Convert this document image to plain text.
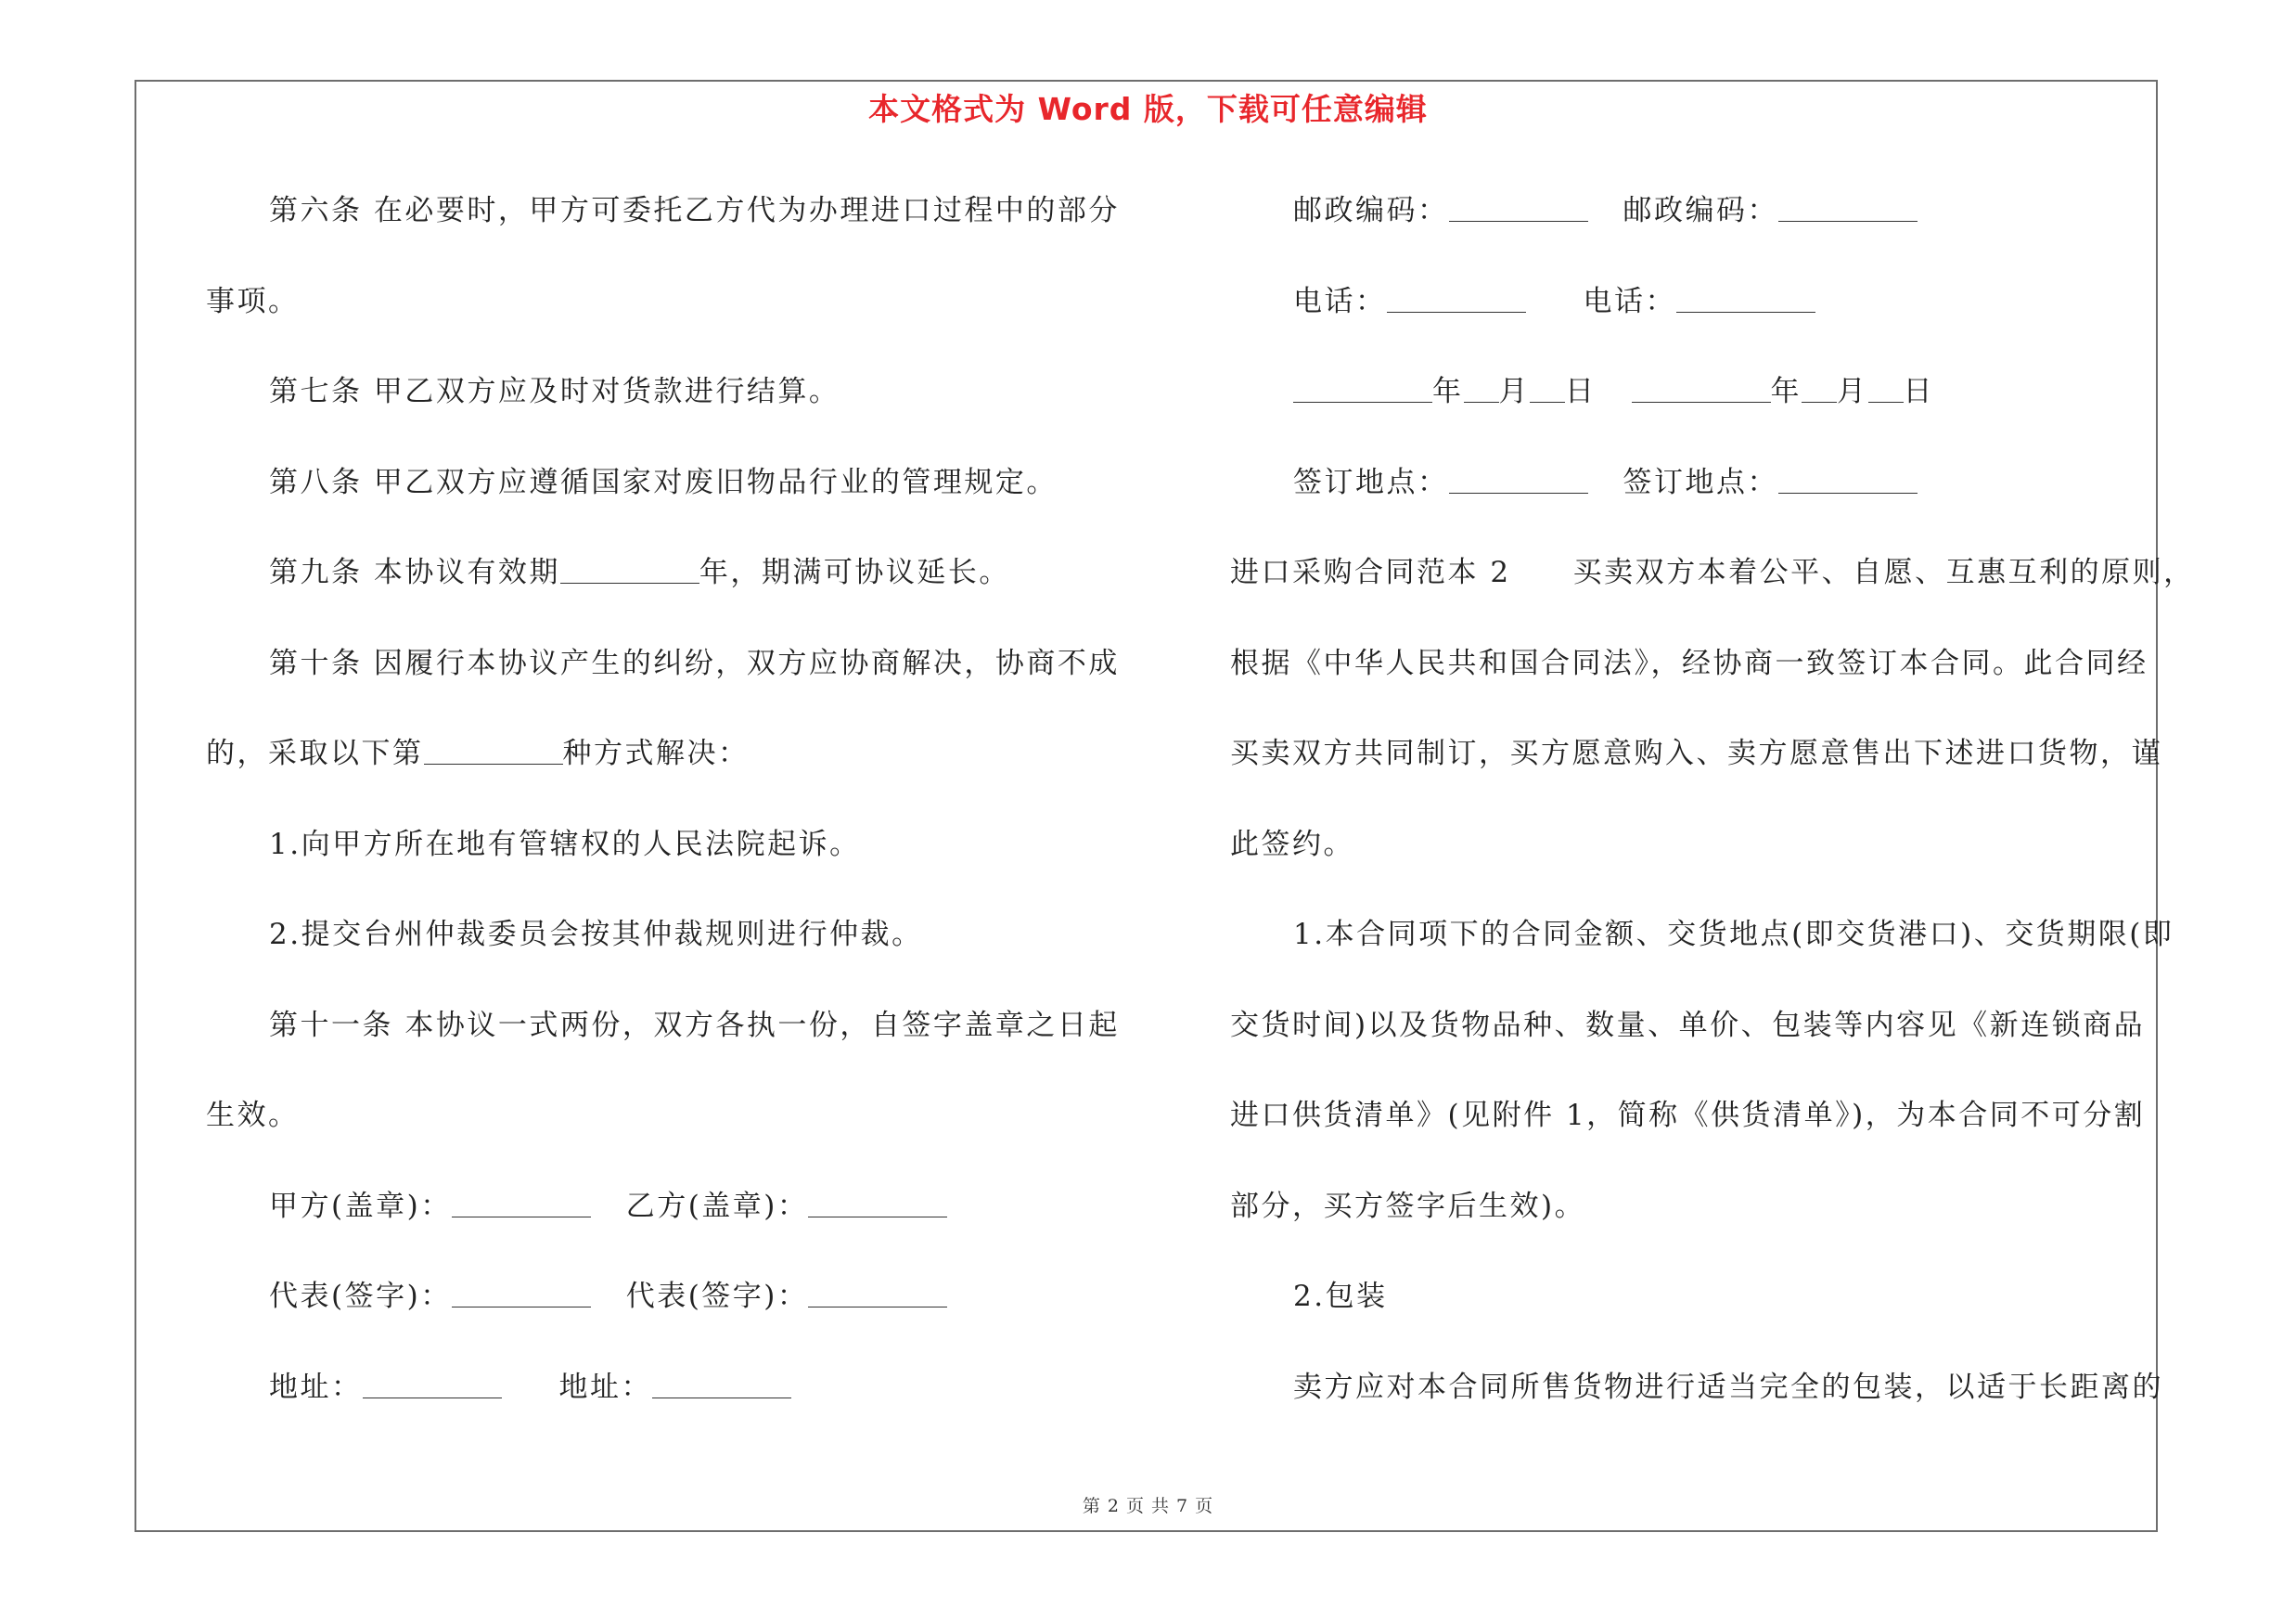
本文格式为 Word 版，下载可任意编辑
第六条 在必要时，甲方可委托乙方代为办理进口过程中的部分
事项。
第七条 甲乙双方应及时对货款进行结算。
第八条 甲乙双方应遵循国家对废旧物品行业的管理规定。
第九条 本协议有效期	年，期满可协议延长。
第十条 因履行本协议产生的纠纷，双方应协商解决，协商不成
的，采取以下第	种方式解决：
1.向甲方所在地有管辖权的人民法院起诉。
2.提交台州仲裁委员会按其仲裁规则进行仲裁。
第十一条 本协议一式两份，双方各执一份，自签字盖章之日起
生效。
甲方(盖章)：	乙方(盖章)：
代表(签字)：	代表(签字)：
地址：	地址：
邮政编码：	邮政编码：
电话：	电话：
年 月 日	年 月 日
签订地点：	签订地点：
进口采购合同范本 2　　买卖双方本着公平、自愿、互惠互利的原则，
根据《中华人民共和国合同法》，经协商一致签订本合同。此合同经
买卖双方共同制订，买方愿意购入、卖方愿意售出下述进口货物，谨
此签约。
1.本合同项下的合同金额、交货地点(即交货港口)、交货期限(即
交货时间)以及货物品种、数量、单价、包装等内容见《新连锁商品
进口供货清单》(见附件 1，简称《供货清单》)，为本合同不可分割
部分，买方签字后生效)。
2.包装
卖方应对本合同所售货物进行适当完全的包装，以适于长距离的
第 2 页 共 7 页
